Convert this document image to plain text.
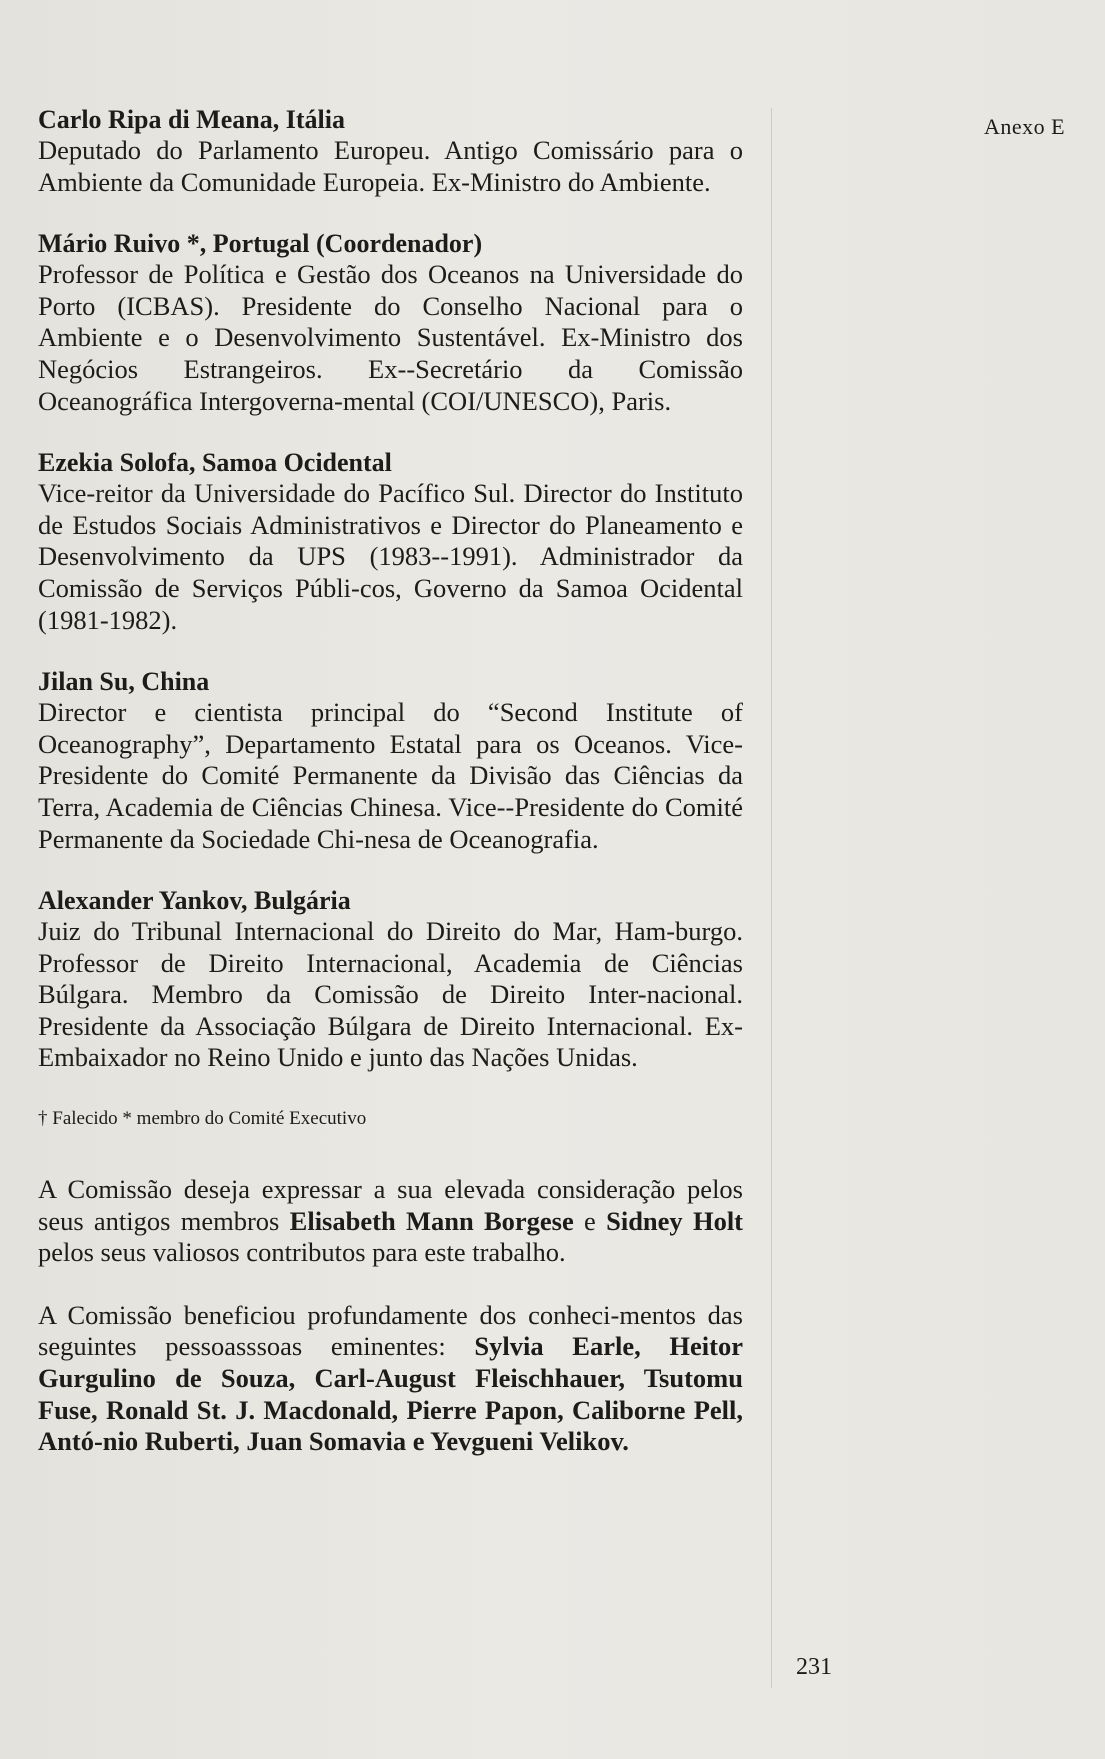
Anexo E
Carlo Ripa di Meana, Itália
Deputado do Parlamento Europeu. Antigo Comissário para o Ambiente da Comunidade Europeia. Ex-Ministro do Ambiente.
Mário Ruivo *, Portugal (Coordenador)
Professor de Política e Gestão dos Oceanos na Universidade do Porto (ICBAS). Presidente do Conselho Nacional para o Ambiente e o Desenvolvimento Sustentável. Ex-Ministro dos Negócios Estrangeiros. Ex--Secretário da Comissão Oceanográfica Intergoverna-mental (COI/UNESCO), Paris.
Ezekia Solofa, Samoa Ocidental
Vice-reitor da Universidade do Pacífico Sul. Director do Instituto de Estudos Sociais Administrativos e Director do Planeamento e Desenvolvimento da UPS (1983--1991). Administrador da Comissão de Serviços Públi-cos, Governo da Samoa Ocidental (1981-1982).
Jilan Su, China
Director e cientista principal do “Second Institute of Oceanography”, Departamento Estatal para os Oceanos. Vice-Presidente do Comité Permanente da Divisão das Ciências da Terra, Academia de Ciências Chinesa. Vice--Presidente do Comité Permanente da Sociedade Chi-nesa de Oceanografia.
Alexander Yankov, Bulgária
Juiz do Tribunal Internacional do Direito do Mar, Ham-burgo. Professor de Direito Internacional, Academia de Ciências Búlgara. Membro da Comissão de Direito Inter-nacional. Presidente da Associação Búlgara de Direito Internacional. Ex-Embaixador no Reino Unido e junto das Nações Unidas.
† Falecido * membro do Comité Executivo
A Comissão deseja expressar a sua elevada consideração pelos seus antigos membros Elisabeth Mann Borgese e Sidney Holt pelos seus valiosos contributos para este trabalho.
A Comissão beneficiou profundamente dos conheci-mentos das seguintes pessoasssoas eminentes: Sylvia Earle, Heitor Gurgulino de Souza, Carl-August Fleischhauer, Tsutomu Fuse, Ronald St. J. Macdonald, Pierre Papon, Caliborne Pell, Antó-nio Ruberti, Juan Somavia e Yevgueni Velikov.
231
